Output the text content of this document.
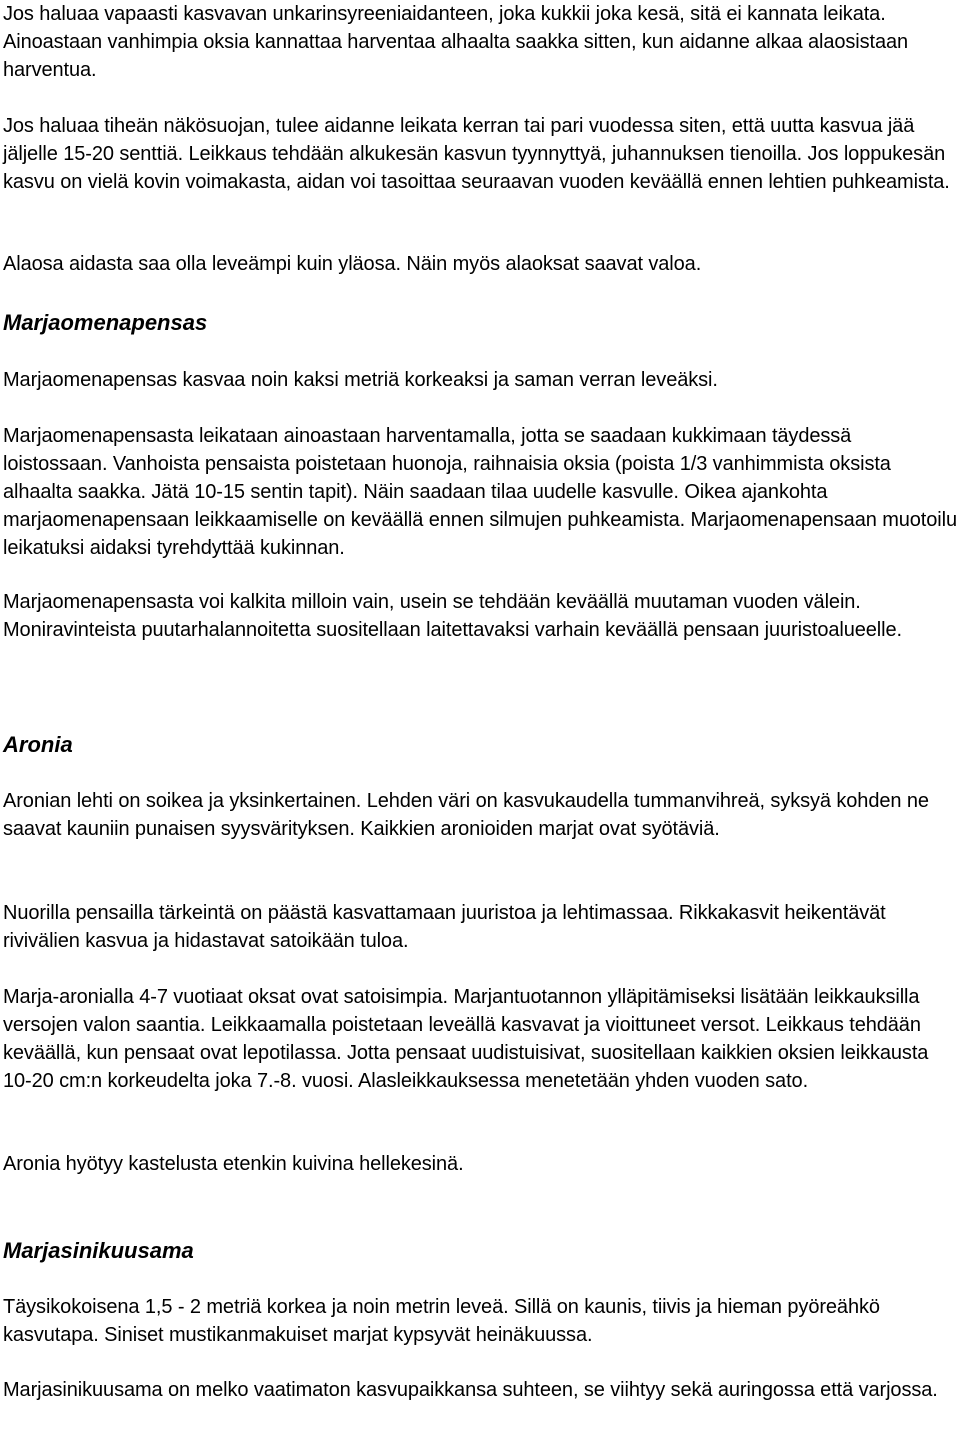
Jos haluaa vapaasti kasvavan unkarinsyreeniaidanteen, joka kukkii joka kesä, sitä ei kannata leikata. Ainoastaan vanhimpia oksia kannattaa harventaa alhaalta saakka sitten, kun aidanne alkaa alaosistaan harventua.

Jos haluaa tiheän näkösuojan, tulee aidanne leikata kerran tai pari vuodessa siten, että uutta kasvua jää jäljelle 15-20 senttiä. Leikkaus tehdään alkukesän kasvun tyynnyttyä, juhannuksen tienoilla. Jos loppukesän kasvu on vielä kovin voimakasta, aidan voi tasoittaa seuraavan vuoden keväällä ennen lehtien puhkeamista.

Alaosa aidasta saa olla leveämpi kuin yläosa. Näin myös alaoksat saavat valoa.

Marjaomenapensas

Marjaomenapensas kasvaa noin kaksi metriä korkeaksi ja saman verran leveäksi.

Marjaomenapensasta leikataan ainoastaan harventamalla, jotta se saadaan kukkimaan täydessä loistossaan. Vanhoista pensaista poistetaan huonoja, raihnaisia oksia (poista 1/3 vanhimmista oksista alhaalta saakka. Jätä 10-15 sentin tapit). Näin saadaan tilaa uudelle kasvulle. Oikea ajankohta marjaomenapensaan leikkaamiselle on keväällä ennen silmujen puhkeamista. Marjaomenapensaan muotoilu leikatuksi aidaksi tyrehdyttää kukinnan.

Marjaomenapensasta voi kalkita milloin vain, usein se tehdään keväällä muutaman vuoden välein. Moniravinteista puutarhalannoitetta suositellaan laitettavaksi varhain keväällä pensaan juuristoalueelle.

Aronia

Aronian lehti on soikea ja yksinkertainen. Lehden väri on kasvukaudella tummanvihreä, syksyä kohden ne saavat kauniin punaisen syysvärityksen. Kaikkien aronioiden marjat ovat syötäviä.

Nuorilla pensailla tärkeintä on päästä kasvattamaan juuristoa ja lehtimassaa. Rikkakasvit heikentävät rivivälien kasvua ja hidastavat satoikään tuloa.

Marja-aronialla 4-7 vuotiaat oksat ovat satoisimpia. Marjantuotannon ylläpitämiseksi lisätään leikkauksilla versojen valon saantia. Leikkaamalla poistetaan leveällä kasvavat ja vioittuneet versot. Leikkaus tehdään keväällä, kun pensaat ovat lepotilassa. Jotta pensaat uudistuisivat, suositellaan kaikkien oksien leikkausta 10-20 cm:n korkeudelta joka 7.-8. vuosi. Alasleikkauksessa menetetään yhden vuoden sato.

Aronia hyötyy kastelusta etenkin kuivina hellekesinä.

Marjasinikuusama

Täysikokoisena 1,5 - 2 metriä korkea ja noin metrin leveä. Sillä on kaunis, tiivis ja hieman pyöreähkö kasvutapa. Siniset mustikanmakuiset marjat kypsyvät heinäkuussa.

Marjasinikuusama on melko vaatimaton kasvupaikkansa suhteen, se viihtyy sekä auringossa että varjossa.
